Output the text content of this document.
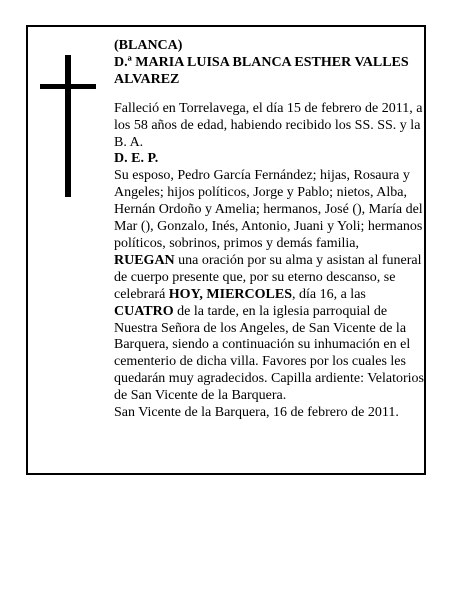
(BLANCA)

D.ª MARIA LUISA BLANCA ESTHER VALLES ALVAREZ

Falleció en Torrelavega, el día 15 de febrero de 2011, a los 58 años de edad, habiendo recibido los SS. SS. y la B. A.

D. E. P.

Su esposo, Pedro García Fernández; hijas, Rosaura y Angeles; hijos políticos, Jorge y Pablo; nietos, Alba, Hernán Ordoño y Amelia; hermanos, José (), María del Mar (), Gonzalo, Inés, Antonio, Juani y Yoli; hermanos políticos, sobrinos, primos y demás familia,

RUEGAN una oración por su alma y asistan al funeral de cuerpo presente que, por su eterno descanso, se celebrará HOY, MIERCOLES, día 16, a las CUATRO de la tarde, en la iglesia parroquial de Nuestra Señora de los Angeles, de San Vicente de la Barquera, siendo a continuación su inhumación en el cementerio de dicha villa. Favores por los cuales les quedarán muy agradecidos. Capilla ardiente: Velatorios de San Vicente de la Barquera.

San Vicente de la Barquera, 16 de febrero de 2011.
